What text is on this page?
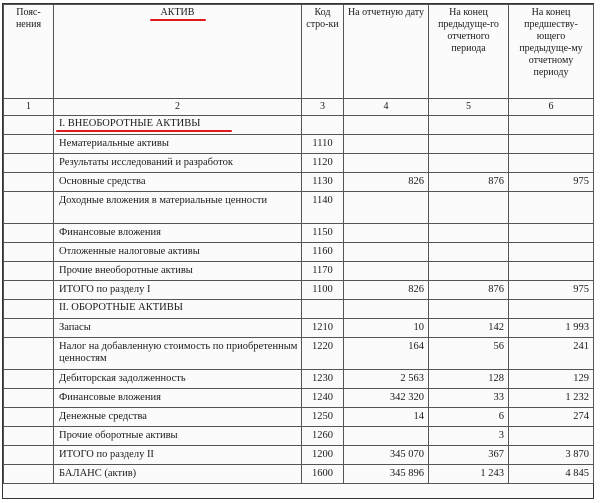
Пояс-нения	АКТИВ	Код стро-ки	На отчетную дату	На конец предыдуще-го отчетного периода	На конец предшеству-ющего предыдуще-му отчетному периоду
1	2	3	4	5	6
	I. ВНЕОБОРОТНЫЕ АКТИВЫ

	Нематериальные активы	1110			
	Результаты исследований и разработок	1120			
	Основные средства	1130	826	876	975
	Доходные вложения в материальные ценности	1140			
	Финансовые вложения	1150			
	Отложенные налоговые активы	1160			
	Прочие внеоборотные активы	1170			
	ИТОГО по разделу I	1100	826	876	975
	II. ОБОРОТНЫЕ АКТИВЫ				
	Запасы	1210	10	142	1 993
	Налог на добавленную стоимость по приобретенным ценностям	1220	164	56	241
	Дебиторская задолженность	1230	2 563	128	129
	Финансовые вложения	1240	342 320	33	1 232
	Денежные средства	1250	14	6	274
	Прочие оборотные активы	1260		3	
	ИТОГО по разделу II	1200	345 070	367	3 870
	БАЛАНС (актив)	1600	345 896	1 243	4 845
